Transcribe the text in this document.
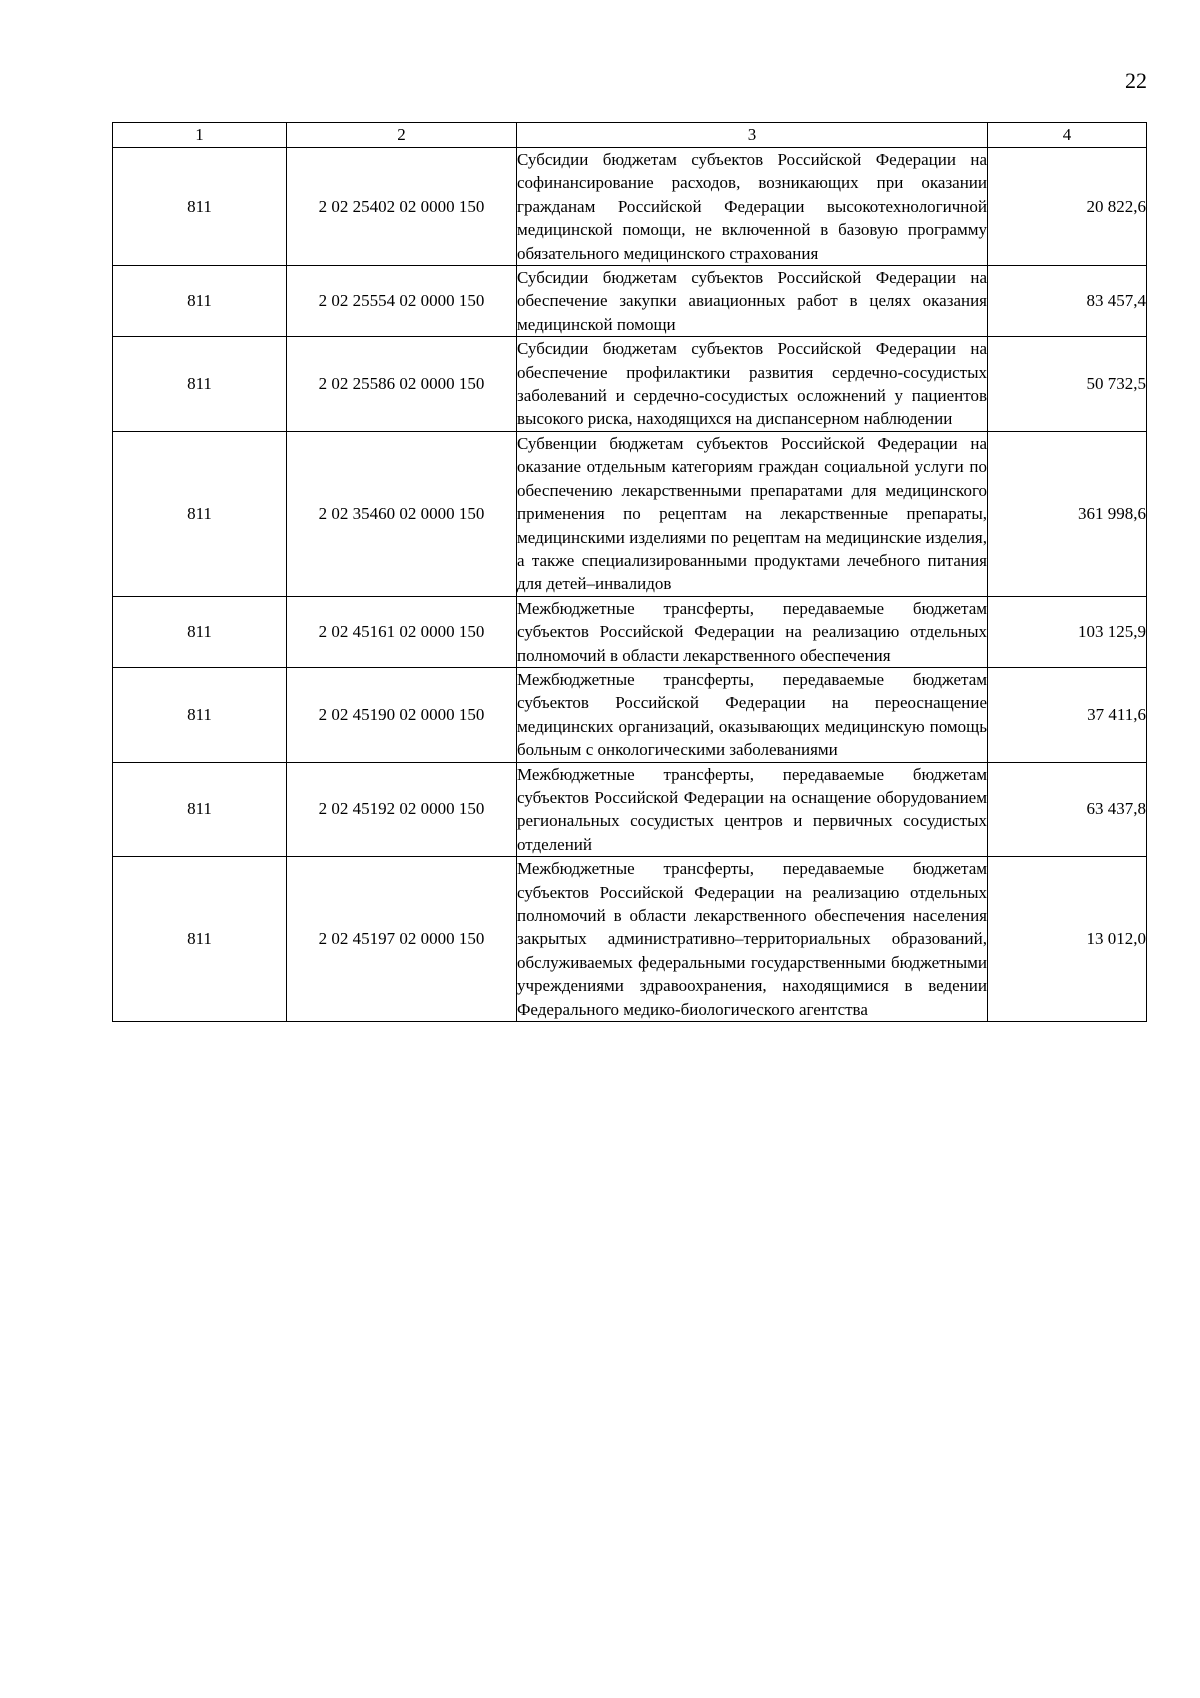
22
1	2	3	4
811	2 02 25402 02 0000 150	Субсидии бюджетам субъектов Российской Федерации на софинансирование расходов, возникающих при оказании гражданам Российской Федерации высокотехнологичной медицинской помощи, не включенной в базовую программу обязательного медицинского страхования	20 822,6
811	2 02 25554 02 0000 150	Субсидии бюджетам субъектов Российской Федерации на обеспечение закупки авиационных работ в целях оказания медицинской помощи	83 457,4
811	2 02 25586 02 0000 150	Субсидии бюджетам субъектов Российской Федерации на обеспечение профилактики развития сердечно-сосудистых заболеваний и сердечно-сосудистых осложнений у пациентов высокого риска, находящихся на диспансерном наблюдении	50 732,5
811	2 02 35460 02 0000 150	Субвенции бюджетам субъектов Российской Федерации на оказание отдельным категориям граждан социальной услуги по обеспечению лекарственными препаратами для медицинского применения по рецептам на лекарственные препараты, медицинскими изделиями по рецептам на медицинские изделия, а также специализированными продуктами лечебного питания для детей–инвалидов	361 998,6
811	2 02 45161 02 0000 150	Межбюджетные трансферты, передаваемые бюджетам субъектов Российской Федерации на реализацию отдельных полномочий в области лекарственного обеспечения	103 125,9
811	2 02 45190 02 0000 150	Межбюджетные трансферты, передаваемые бюджетам субъектов Российской Федерации на переоснащение медицинских организаций, оказывающих медицинскую помощь больным с онкологическими заболеваниями	37 411,6
811	2 02 45192 02 0000 150	Межбюджетные трансферты, передаваемые бюджетам субъектов Российской Федерации на оснащение оборудованием региональных сосудистых центров и первичных сосудистых отделений	63 437,8
811	2 02 45197 02 0000 150	Межбюджетные трансферты, передаваемые бюджетам субъектов Российской Федерации на реализацию отдельных полномочий в области лекарственного обеспечения населения закрытых административно–территориальных образований, обслуживаемых федеральными государственными бюджетными учреждениями здравоохранения, находящимися в ведении Федерального медико-биологического агентства	13 012,0
